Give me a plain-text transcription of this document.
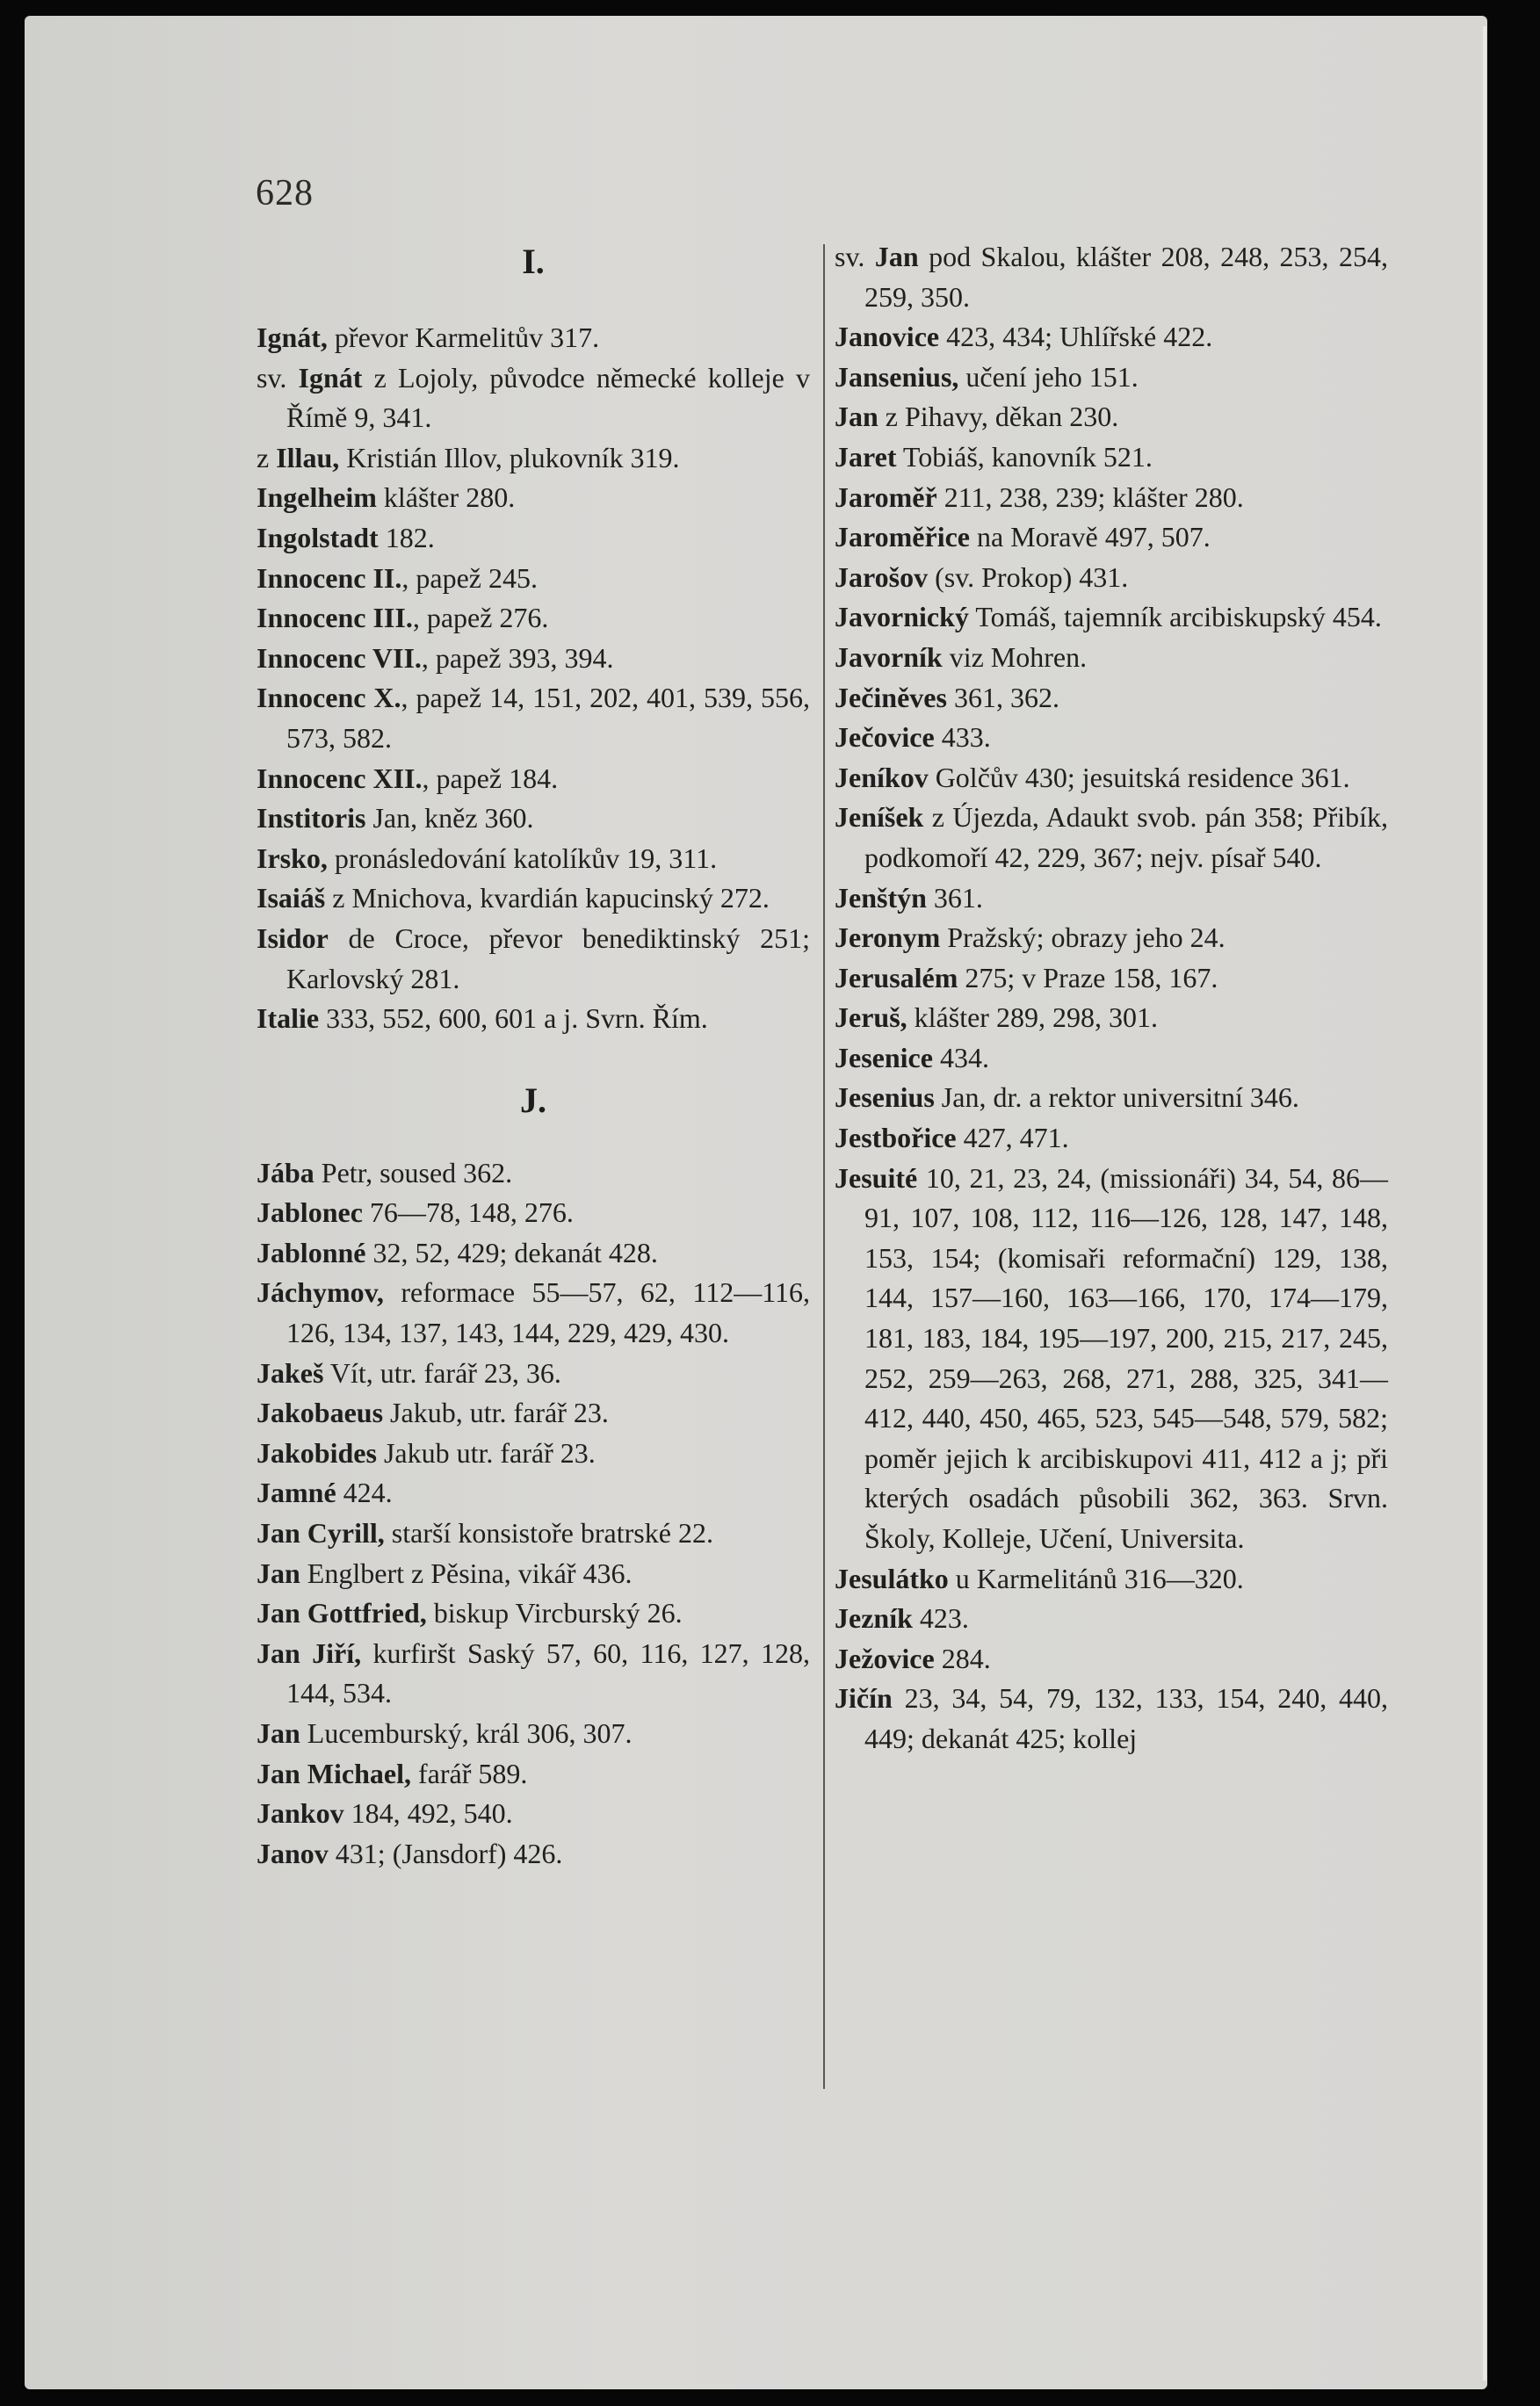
628
I.
Ignát, převor Karmelitův 317.
sv. Ignát z Lojoly, původce německé kolleje v Římě 9, 341.
z Illau, Kristián Illov, plukovník 319.
Ingelheim klášter 280.
Ingolstadt 182.
Innocenc II., papež 245.
Innocenc III., papež 276.
Innocenc VII., papež 393, 394.
Innocenc X., papež 14, 151, 202, 401, 539, 556, 573, 582.
Innocenc XII., papež 184.
Institoris Jan, kněz 360.
Irsko, pronásledování katolíkův 19, 311.
Isaiáš z Mnichova, kvardián kapucinský 272.
Isidor de Croce, převor benediktinský 251; Karlovský 281.
Italie 333, 552, 600, 601 a j. Svrn. Řím.
J.
Jába Petr, soused 362.
Jablonec 76—78, 148, 276.
Jablonné 32, 52, 429; dekanát 428.
Jáchymov, reformace 55—57, 62, 112—116, 126, 134, 137, 143, 144, 229, 429, 430.
Jakeš Vít, utr. farář 23, 36.
Jakobaeus Jakub, utr. farář 23.
Jakobides Jakub utr. farář 23.
Jamné 424.
Jan Cyrill, starší konsistoře bratrské 22.
Jan Englbert z Pěsina, vikář 436.
Jan Gottfried, biskup Vircburský 26.
Jan Jiří, kurfiršt Saský 57, 60, 116, 127, 128, 144, 534.
Jan Lucemburský, král 306, 307.
Jan Michael, farář 589.
Jankov 184, 492, 540.
Janov 431; (Jansdorf) 426.
sv. Jan pod Skalou, klášter 208, 248, 253, 254, 259, 350.
Janovice 423, 434; Uhlířské 422.
Jansenius, učení jeho 151.
Jan z Pihavy, děkan 230.
Jaret Tobiáš, kanovník 521.
Jaroměř 211, 238, 239; klášter 280.
Jaroměřice na Moravě 497, 507.
Jarošov (sv. Prokop) 431.
Javornický Tomáš, tajemník arcibiskupský 454.
Javorník viz Mohren.
Ječiněves 361, 362.
Ječovice 433.
Jeníkov Golčův 430; jesuitská residence 361.
Jeníšek z Újezda, Adaukt svob. pán 358; Přibík, podkomoří 42, 229, 367; nejv. písař 540.
Jenštýn 361.
Jeronym Pražský; obrazy jeho 24.
Jerusalém 275; v Praze 158, 167.
Jeruš, klášter 289, 298, 301.
Jesenice 434.
Jesenius Jan, dr. a rektor universitní 346.
Jestbořice 427, 471.
Jesuité 10, 21, 23, 24, (missionáři) 34, 54, 86—91, 107, 108, 112, 116—126, 128, 147, 148, 153, 154; (komisaři reformační) 129, 138, 144, 157—160, 163—166, 170, 174—179, 181, 183, 184, 195—197, 200, 215, 217, 245, 252, 259—263, 268, 271, 288, 325, 341—412, 440, 450, 465, 523, 545—548, 579, 582; poměr jejich k arcibiskupovi 411, 412 a j; při kterých osadách působili 362, 363. Srvn. Školy, Kolleje, Učení, Universita.
Jesulátko u Karmelitánů 316—320.
Jezník 423.
Ježovice 284.
Jičín 23, 34, 54, 79, 132, 133, 154, 240, 440, 449; dekanát 425; kollej
